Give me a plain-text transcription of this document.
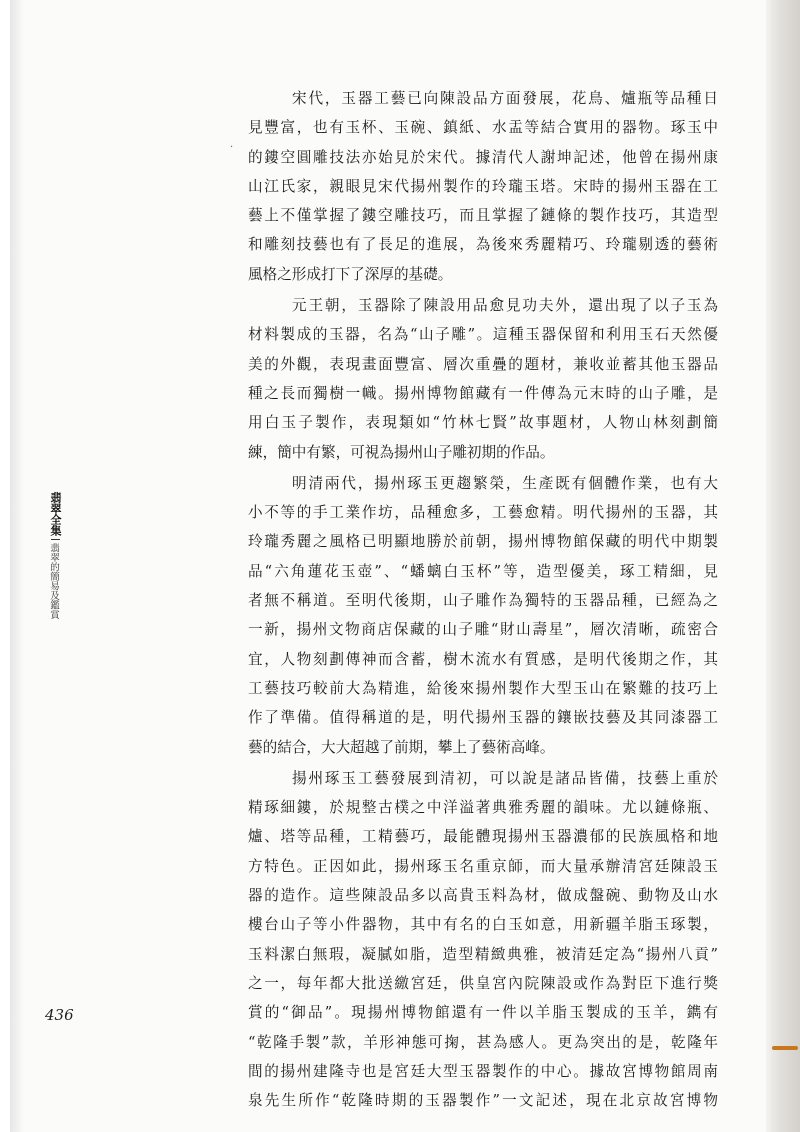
·
翡翠全集
翡翠的簡易及鑑賞
宋代，玉器工藝已向陳設品方面發展，花鳥、爐瓶等品種日
見豐富，也有玉杯、玉碗、鎮紙、水盂等結合實用的器物。琢玉中
的鏤空圓雕技法亦始見於宋代。據清代人謝坤記述，他曾在揚州康
山江氏家，親眼見宋代揚州製作的玲瓏玉塔。宋時的揚州玉器在工
藝上不僅掌握了鏤空雕技巧，而且掌握了鏈條的製作技巧，其造型
和雕刻技藝也有了長足的進展，為後來秀麗精巧、玲瓏剔透的藝術
風格之形成打下了深厚的基礎。
元王朝，玉器除了陳設用品愈見功夫外，還出現了以子玉為
材料製成的玉器，名為“山子雕”。這種玉器保留和利用玉石天然優
美的外觀，表現畫面豐富、層次重疊的題材，兼收並蓄其他玉器品
種之長而獨樹一幟。揚州博物館藏有一件傳為元末時的山子雕，是
用白玉子製作，表現類如“竹林七賢”故事題材，人物山林刻劃簡
練，簡中有繁，可視為揚州山子雕初期的作品。
明清兩代，揚州琢玉更趨繁榮，生產既有個體作業，也有大
小不等的手工業作坊，品種愈多，工藝愈精。明代揚州的玉器，其
玲瓏秀麗之風格已明顯地勝於前朝，揚州博物館保藏的明代中期製
品“六角蓮花玉壺”、“蟠螭白玉杯”等，造型優美，琢工精細，見
者無不稱道。至明代後期，山子雕作為獨特的玉器品種，已經為之
一新，揚州文物商店保藏的山子雕“財山壽星”，層次清晰，疏密合
宜，人物刻劃傳神而含蓄，樹木流水有質感，是明代後期之作，其
工藝技巧較前大為精進，給後來揚州製作大型玉山在繁難的技巧上
作了準備。值得稱道的是，明代揚州玉器的鑲嵌技藝及其同漆器工
藝的結合，大大超越了前期，攀上了藝術高峰。
揚州琢玉工藝發展到清初，可以說是諸品皆備，技藝上重於
精琢細鏤，於規整古樸之中洋溢著典雅秀麗的韻味。尤以鏈條瓶、
爐、塔等品種，工精藝巧，最能體現揚州玉器濃郁的民族風格和地
方特色。正因如此，揚州琢玉名重京師，而大量承辦清宮廷陳設玉
器的造作。這些陳設品多以高貴玉料為材，做成盤碗、動物及山水
樓台山子等小件器物，其中有名的白玉如意，用新疆羊脂玉琢製，
玉料潔白無瑕，凝膩如脂，造型精緻典雅，被清廷定為“揚州八貢”
之一，每年都大批送繳宮廷，供皇宮內院陳設或作為對臣下進行獎
賞的“御品”。現揚州博物館還有一件以羊脂玉製成的玉羊，鐫有
“乾隆手製”款，羊形神態可掬，甚為感人。更為突出的是，乾隆年
間的揚州建隆寺也是宮廷大型玉器製作的中心。據故宮博物館周南
泉先生所作“乾隆時期的玉器製作”一文記述，現在北京故宮博物
436
